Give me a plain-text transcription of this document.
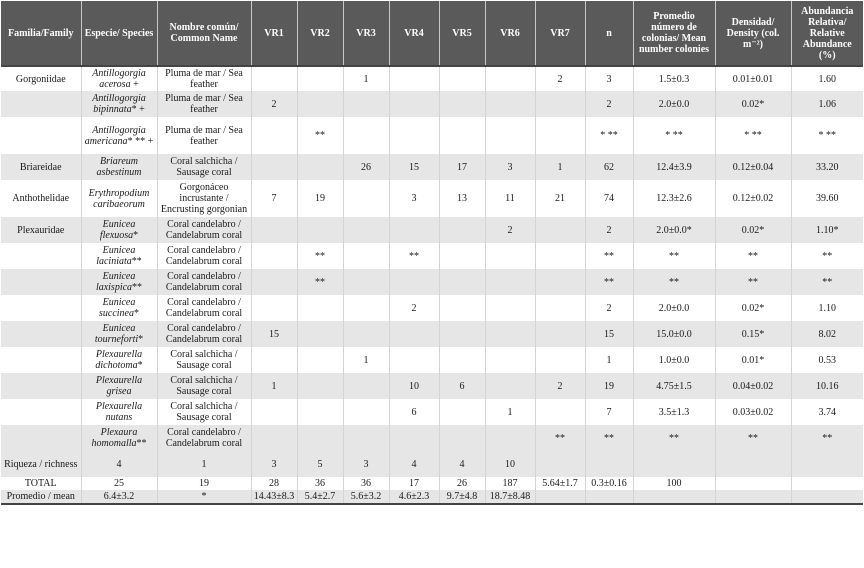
Familia/Family	Especie/ Species	Nombre común/ Common Name	VR1	VR2	VR3	VR4	VR5	VR6	VR7	n	Promedio número de colonias/ Mean number colonies	Densidad/ Density (col. m⁻²)	Abundancia Relativa/ Relative Abundance (%)
Gorgoniidae	Antillogorgia acerosa +	Pluma de mar / Sea feather			1				2	3	1.5±0.3	0.01±0.01	1.60
	Antillogorgia bipinnata* +	Pluma de mar / Sea feather	2							2	2.0±0.0	0.02*	1.06
	Antillogorgia americana* ** +	Pluma de mar / Sea feather		**						* **	* **	* **	* **
Briareidae	Briareum asbestinum	Coral salchicha / Sausage coral			26	15	17	3	1	62	12.4±3.9	0.12±0.04	33.20
Anthothelidae	Erythropodium caribaeorum	Gorgonáceo incrustante / Encrusting gorgonian	7	19		3	13	11	21	74	12.3±2.6	0.12±0.02	39.60
Plexauridae	Eunicea flexuosa*	Coral candelabro / Candelabrum coral						2		2	2.0±0.0*	0.02*	1.10*
	Eunicea laciniata**	Coral candelabro / Candelabrum coral		**		**				**	**	**	**
	Eunicea laxispica**	Coral candelabro / Candelabrum coral		**						**	**	**	**
	Eunicea succinea*	Coral candelabro / Candelabrum coral				2				2	2.0±0.0	0.02*	1.10
	Eunicea tourneforti*	Coral candelabro / Candelabrum coral	15							15	15.0±0.0	0.15*	8.02
	Plexaurella dichotoma*	Coral salchicha / Sausage coral			1					1	1.0±0.0	0.01*	0.53
	Plexaurella grisea	Coral salchicha / Sausage coral	1			10	6		2	19	4.75±1.5	0.04±0.02	10.16
	Plexaurella nutans	Coral salchicha / Sausage coral				6		1		7	3.5±1.3	0.03±0.02	3.74
	Plexaura homomalla**	Coral candelabro / Candelabrum coral							**	**	**	**	**
Riqueza / richness	4	1	3	5	3	4	4	10					
TOTAL	25	19	28	36	36	17	26	187	5.64±1.7	0.3±0.16	100		
Promedio / mean	6.4±3.2	*	14.43±8.3	5.4±2.7	5.6±3.2	4.6±2.3	9.7±4.8	18.7±8.48					
